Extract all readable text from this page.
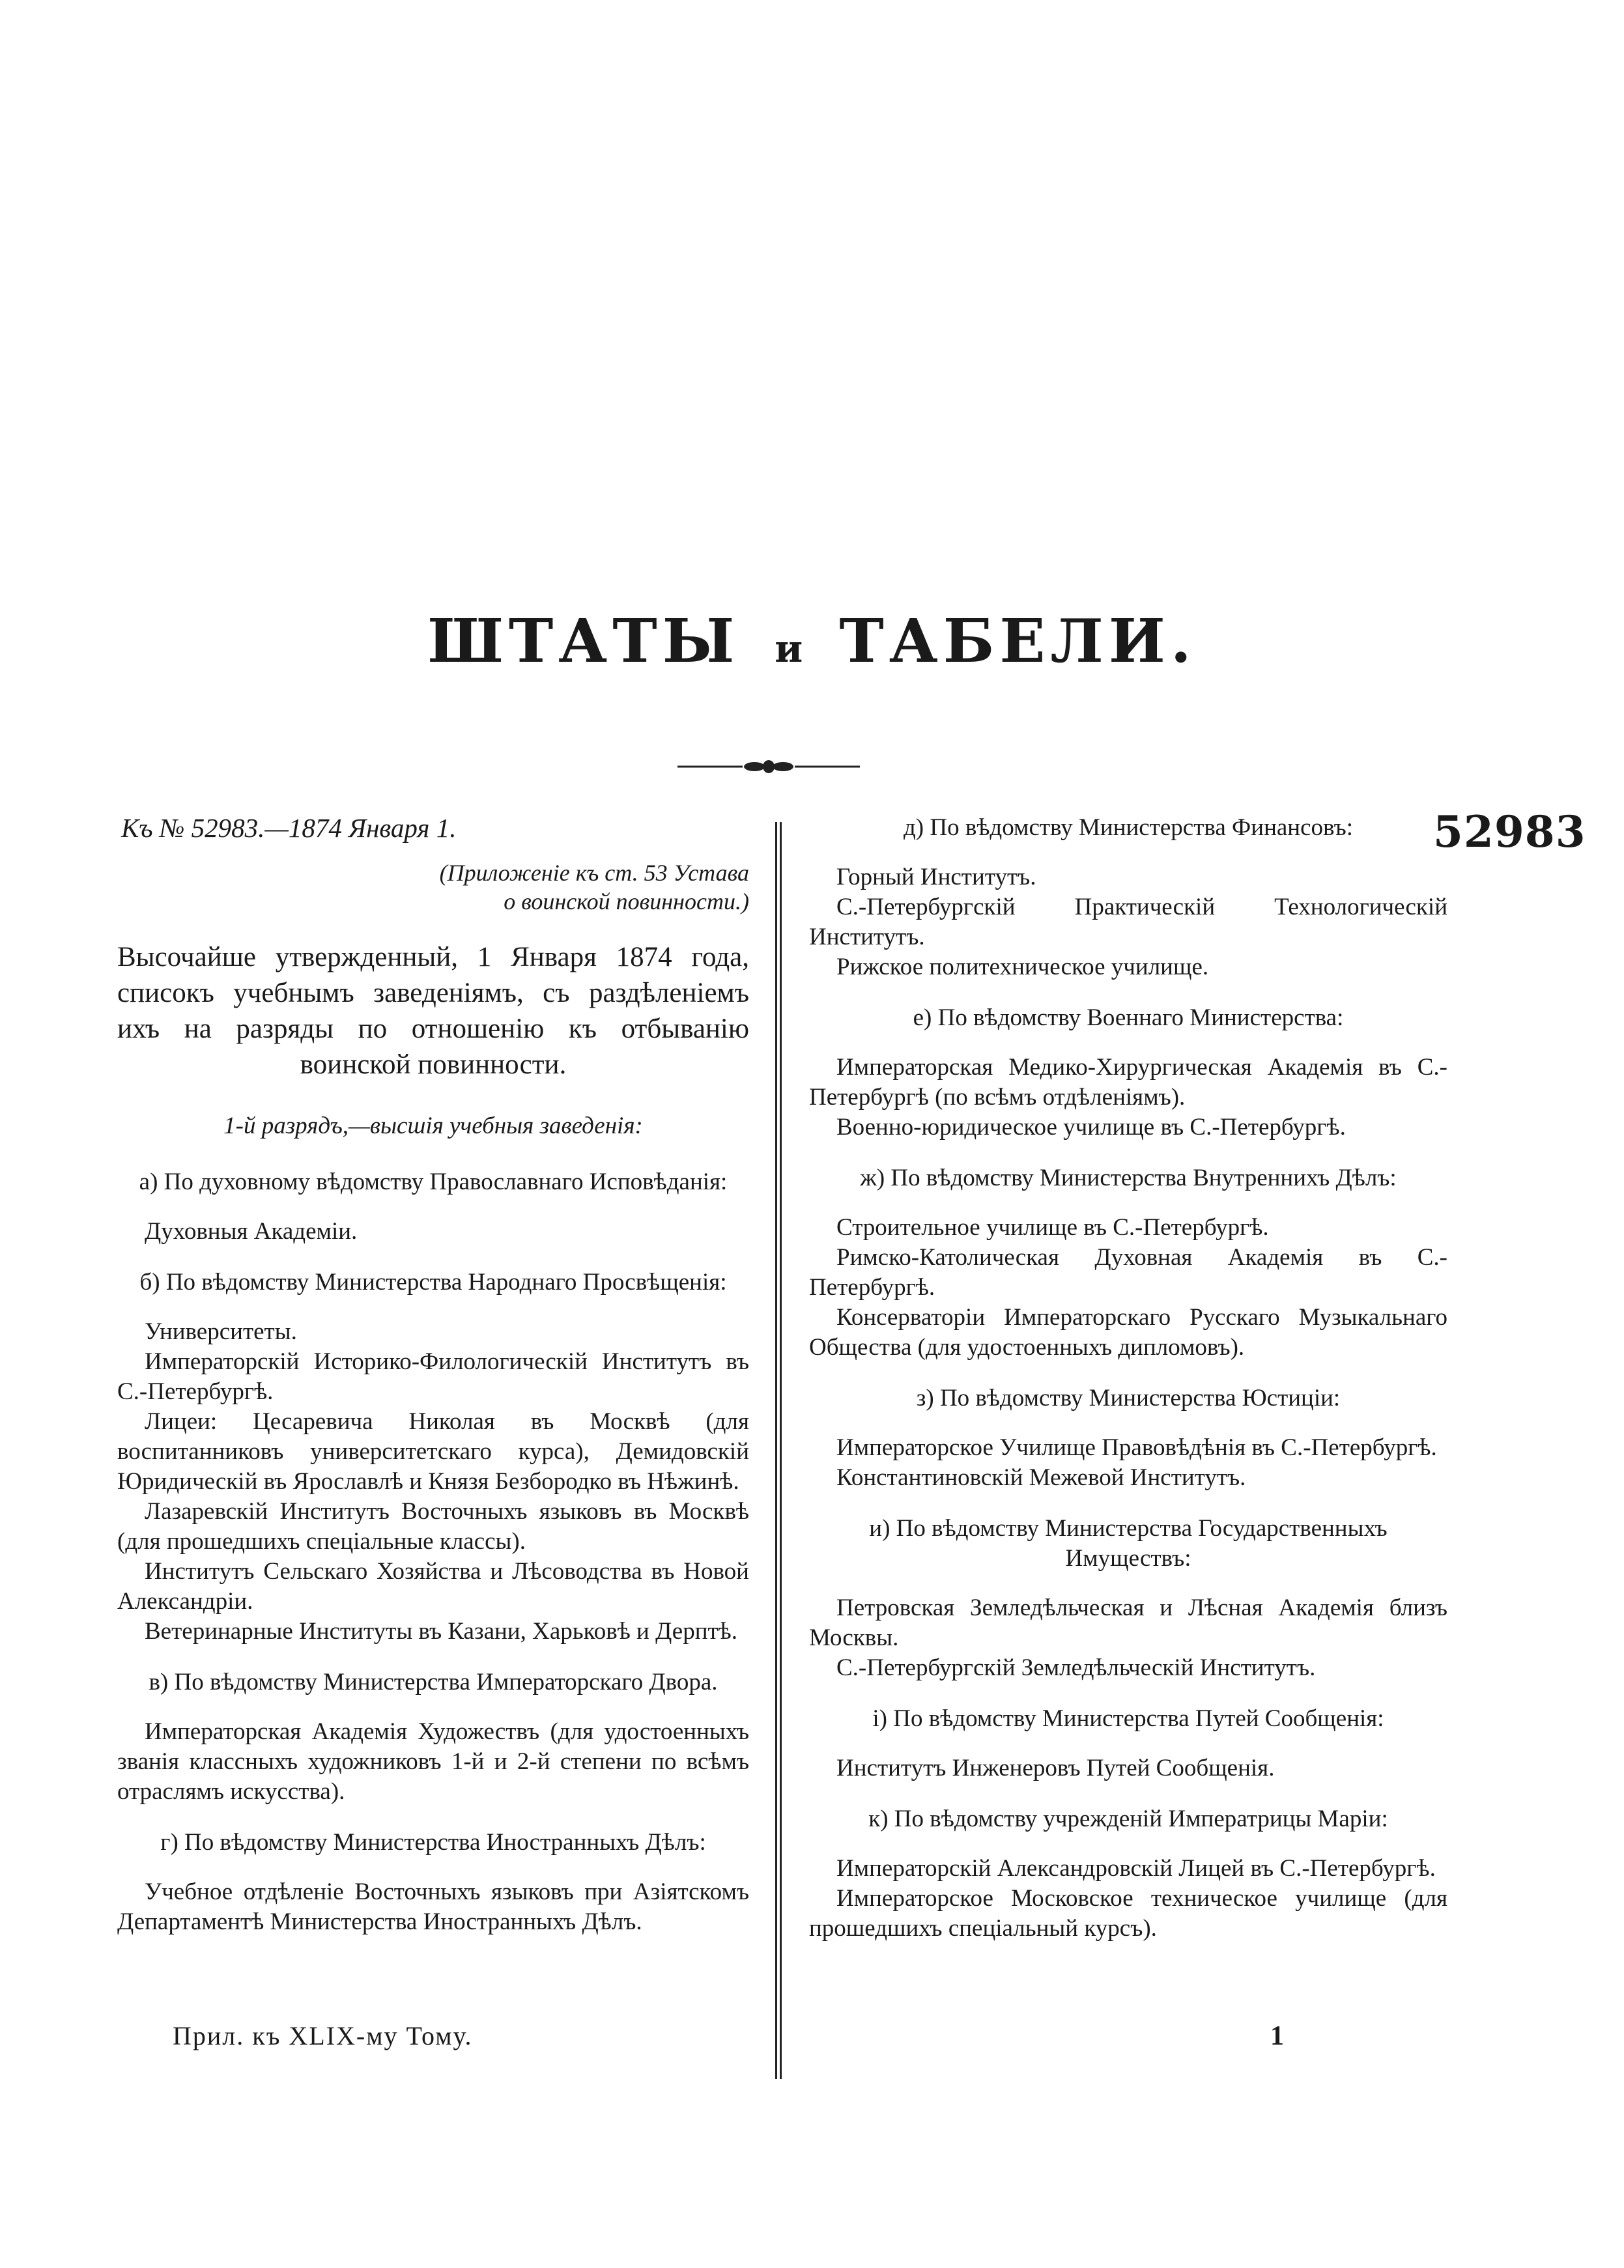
ШТАТЫ и ТАБЕЛИ.
52983
Къ № 52983.—1874 Января 1.
(Приложеніе къ ст. 53 Устава
о воинской повинности.)
Высочайше утвержденный, 1 Января 1874 года, списокъ учебнымъ заведеніямъ, съ раздѣленіемъ ихъ на разряды по отношенію къ отбыванію воинской повинности.
1-й разрядъ,—высшія учебныя заведенія:
а) По духовному вѣдомству Православнаго Исповѣданія:

Духовныя Академіи.

б) По вѣдомству Министерства Народнаго Просвѣщенія:

Университеты.

Императорскій Историко-Филологическій Институтъ въ С.-Петербургѣ.

Лицеи: Цесаревича Николая въ Москвѣ (для воспитанниковъ университетскаго курса), Демидовскій Юридическій въ Ярославлѣ и Князя Безбородко въ Нѣжинѣ.

Лазаревскій Институтъ Восточныхъ языковъ въ Москвѣ (для прошедшихъ спеціальные классы).

Институтъ Сельскаго Хозяйства и Лѣсоводства въ Новой Александріи.

Ветеринарные Институты въ Казани, Харьковѣ и Дерптѣ.

в) По вѣдомству Министерства Императорскаго Двора.

Императорская Академія Художествъ (для удостоенныхъ званія классныхъ художниковъ 1-й и 2-й степени по всѣмъ отраслямъ искусства).

г) По вѣдомству Министерства Иностранныхъ Дѣлъ:

Учебное отдѣленіе Восточныхъ языковъ при Азіятскомъ Департаментѣ Министерства Иностранныхъ Дѣлъ.

д) По вѣдомству Министерства Финансовъ:

Горный Институтъ.

С.-Петербургскій Практическій Технологическій Институтъ.

Рижское политехническое училище.

е) По вѣдомству Военнаго Министерства:

Императорская Медико-Хирургическая Академія въ С.-Петербургѣ (по всѣмъ отдѣленіямъ).

Военно-юридическое училище въ С.-Петербургѣ.

ж) По вѣдомству Министерства Внутреннихъ Дѣлъ:

Строительное училище въ С.-Петербургѣ.

Римско-Католическая Духовная Академія въ С.-Петербургѣ.

Консерваторіи Императорскаго Русскаго Музыкальнаго Общества (для удостоенныхъ дипломовъ).

з) По вѣдомству Министерства Юстиціи:

Императорское Училище Правовѣдѣнія въ С.-Петербургѣ.

Константиновскій Межевой Институтъ.

и) По вѣдомству Министерства Государственныхъ Имуществъ:

Петровская Земледѣльческая и Лѣсная Академія близъ Москвы.

С.-Петербургскій Земледѣльческій Институтъ.

і) По вѣдомству Министерства Путей Сообщенія:

Институтъ Инженеровъ Путей Сообщенія.

к) По вѣдомству учрежденій Императрицы Маріи:

Императорскій Александровскій Лицей въ С.-Петербургѣ.

Императорское Московское техническое училище (для прошедшихъ спеціальный курсъ).

Прил. къ XLIX-му Тому.	1
